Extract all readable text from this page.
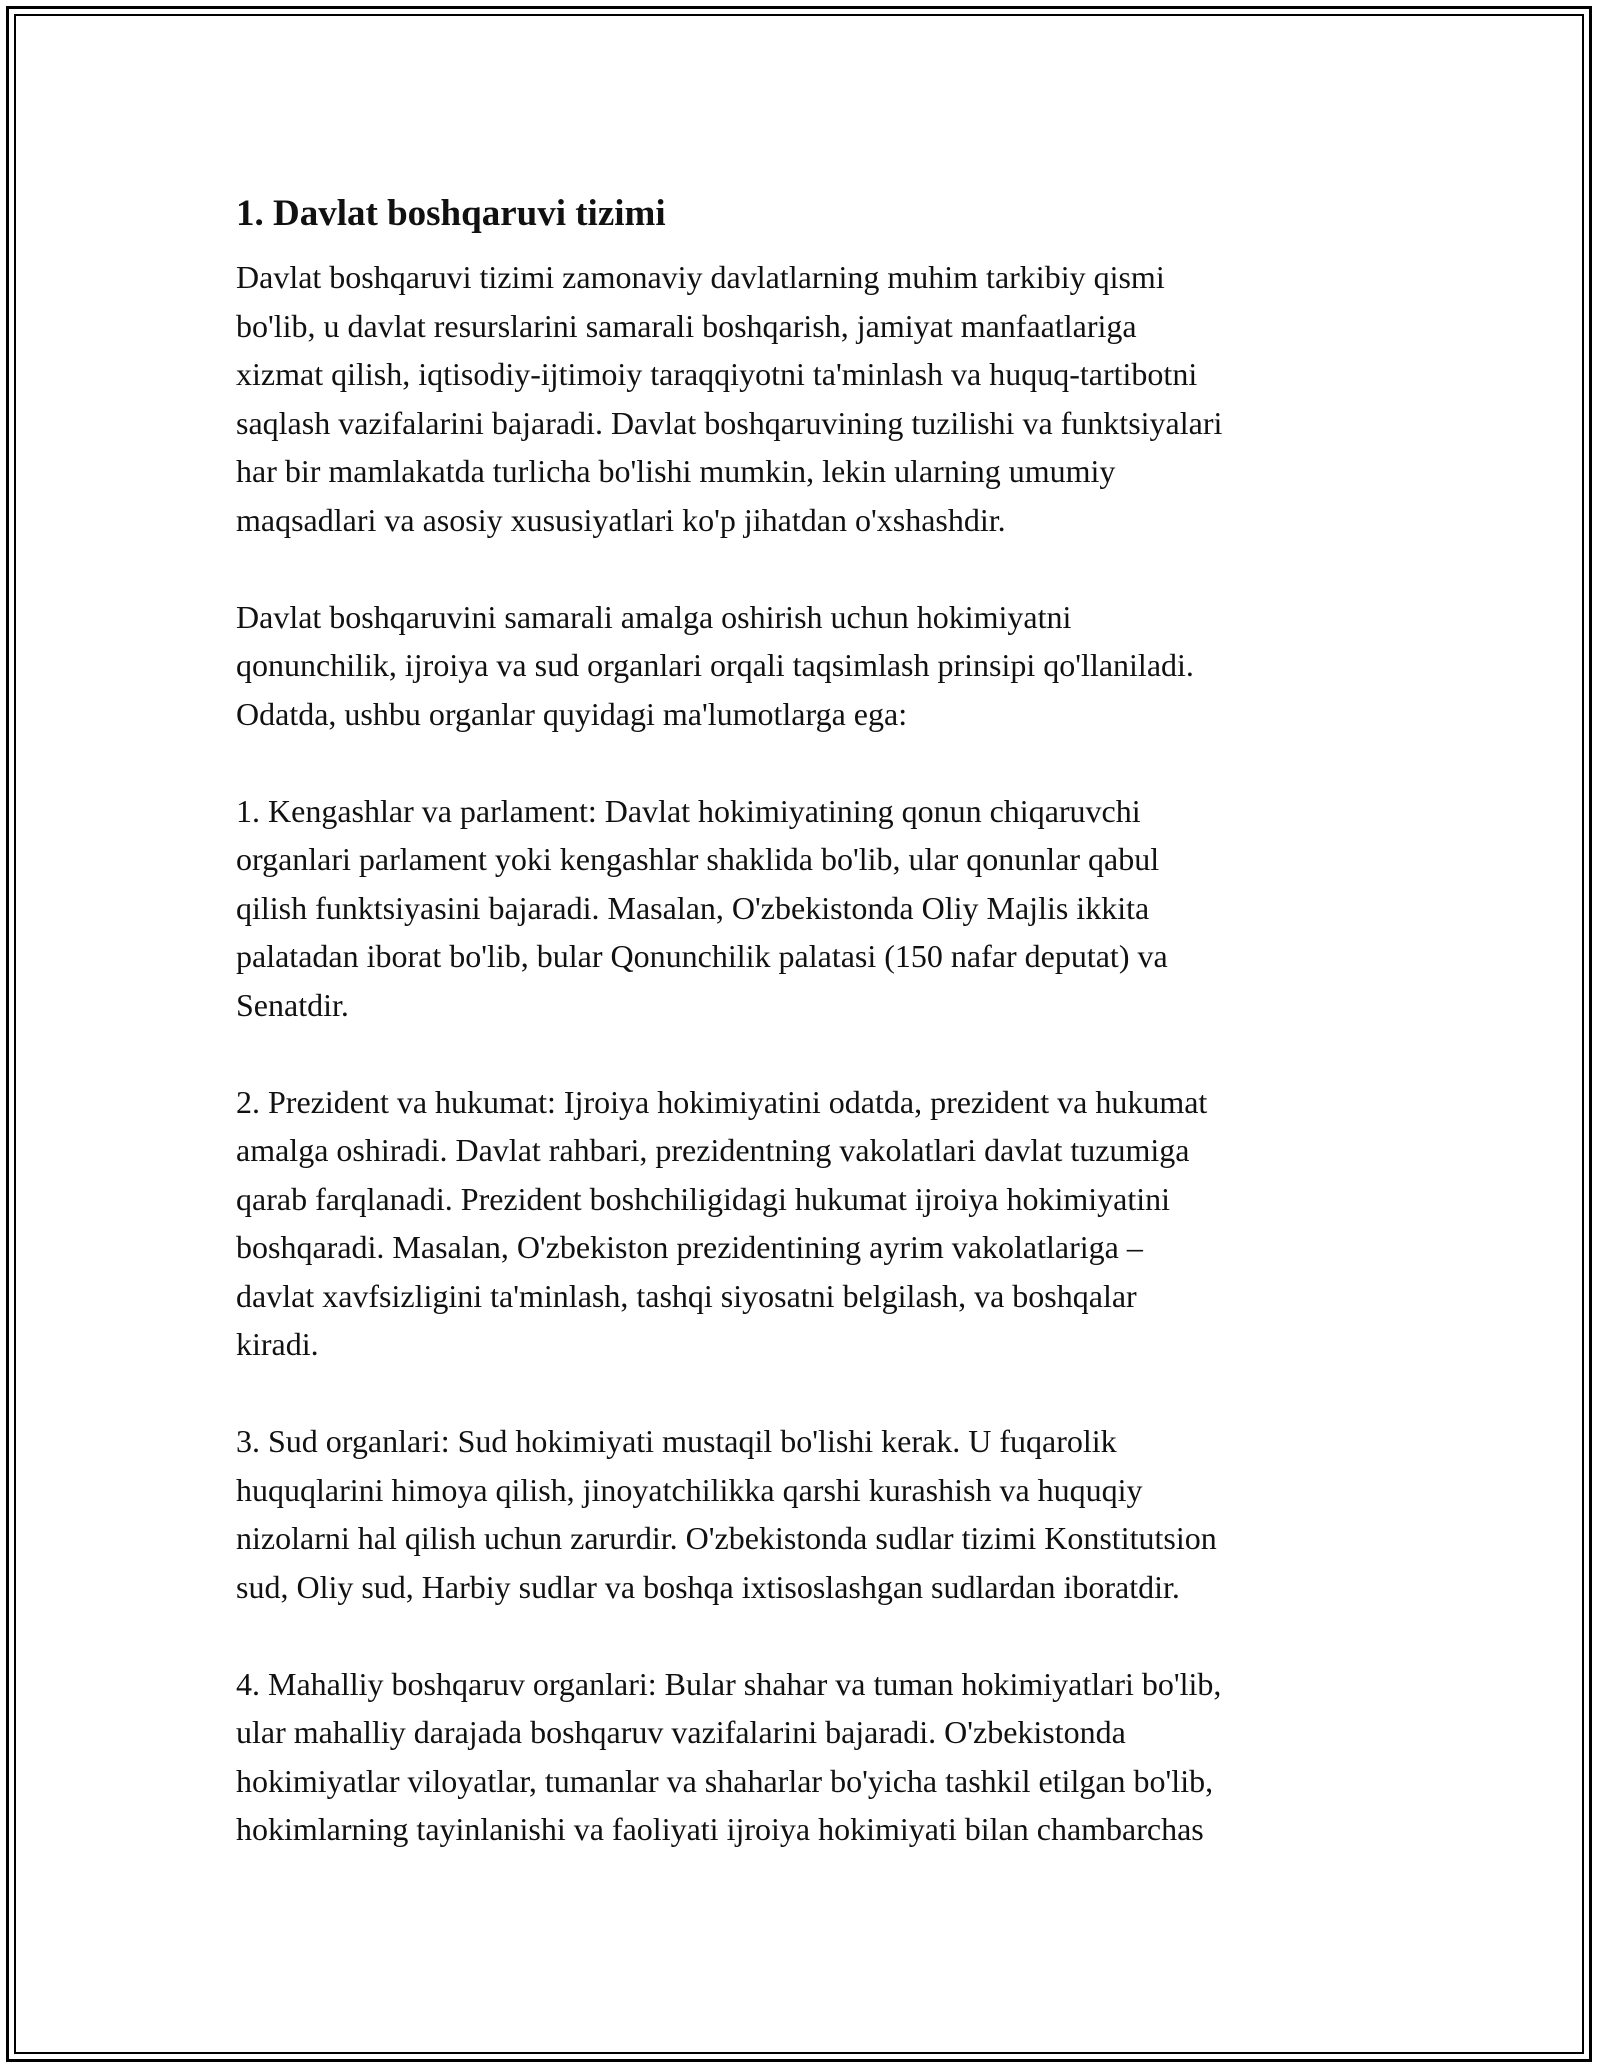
1. Davlat boshqaruvi tizimi

Davlat boshqaruvi tizimi zamonaviy davlatlarning muhim tarkibiy qismi
bo'lib, u davlat resurslarini samarali boshqarish, jamiyat manfaatlariga
xizmat qilish, iqtisodiy-ijtimoiy taraqqiyotni ta'minlash va huquq-tartibotni
saqlash vazifalarini bajaradi. Davlat boshqaruvining tuzilishi va funktsiyalari
har bir mamlakatda turlicha bo'lishi mumkin, lekin ularning umumiy
maqsadlari va asosiy xususiyatlari ko'p jihatdan o'xshashdir.

Davlat boshqaruvini samarali amalga oshirish uchun hokimiyatni
qonunchilik, ijroiya va sud organlari orqali taqsimlash prinsipi qo'llaniladi.
Odatda, ushbu organlar quyidagi ma'lumotlarga ega:

1. Kengashlar va parlament: Davlat hokimiyatining qonun chiqaruvchi
organlari parlament yoki kengashlar shaklida bo'lib, ular qonunlar qabul
qilish funktsiyasini bajaradi. Masalan, O'zbekistonda Oliy Majlis ikkita
palatadan iborat bo'lib, bular Qonunchilik palatasi (150 nafar deputat) va
Senatdir.

2. Prezident va hukumat: Ijroiya hokimiyatini odatda, prezident va hukumat
amalga oshiradi. Davlat rahbari, prezidentning vakolatlari davlat tuzumiga
qarab farqlanadi. Prezident boshchiligidagi hukumat ijroiya hokimiyatini
boshqaradi. Masalan, O'zbekiston prezidentining ayrim vakolatlariga –
davlat xavfsizligini ta'minlash, tashqi siyosatni belgilash, va boshqalar
kiradi.

3. Sud organlari: Sud hokimiyati mustaqil bo'lishi kerak. U fuqarolik
huquqlarini himoya qilish, jinoyatchilikka qarshi kurashish va huquqiy
nizolarni hal qilish uchun zarurdir. O'zbekistonda sudlar tizimi Konstitutsion
sud, Oliy sud, Harbiy sudlar va boshqa ixtisoslashgan sudlardan iboratdir.

4. Mahalliy boshqaruv organlari: Bular shahar va tuman hokimiyatlari bo'lib,
ular mahalliy darajada boshqaruv vazifalarini bajaradi. O'zbekistonda
hokimiyatlar viloyatlar, tumanlar va shaharlar bo'yicha tashkil etilgan bo'lib,
hokimlarning tayinlanishi va faoliyati ijroiya hokimiyati bilan chambarchas
